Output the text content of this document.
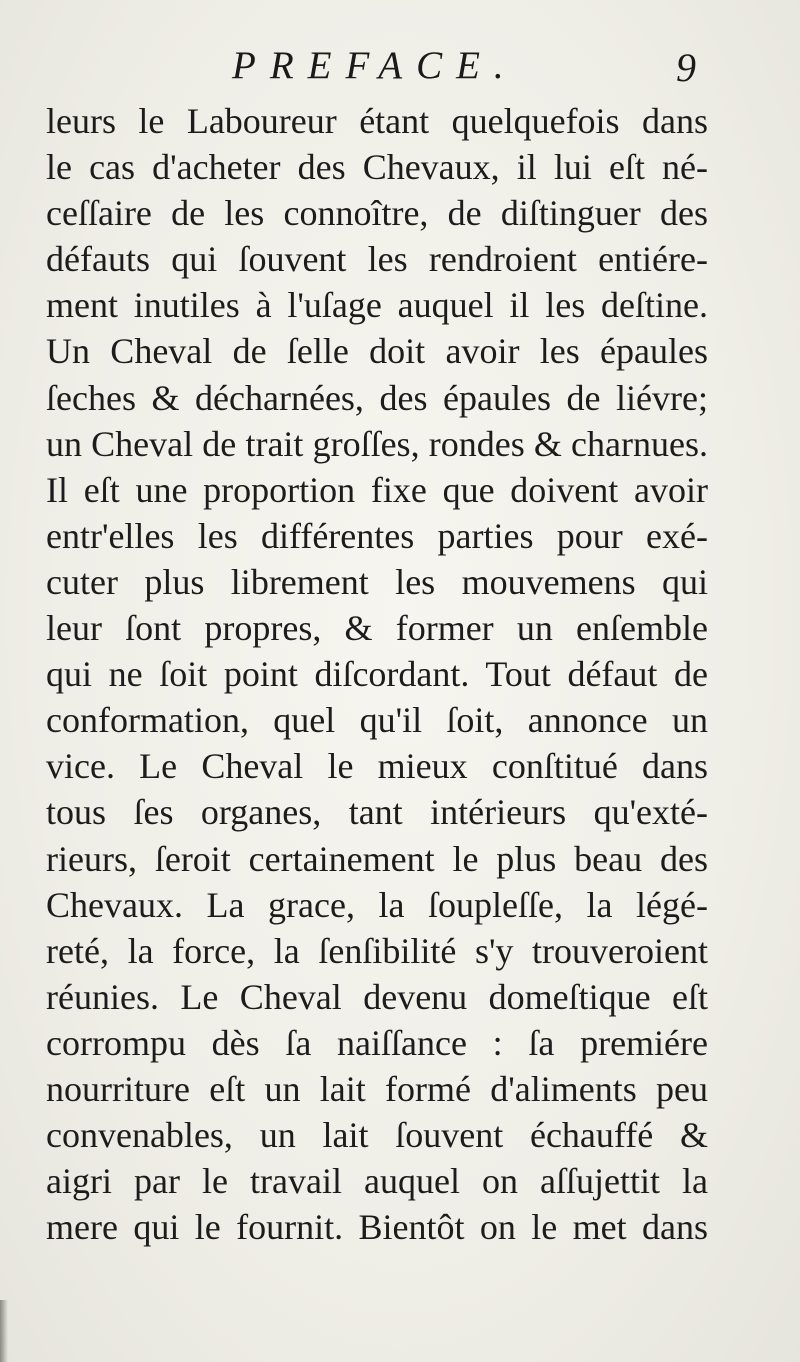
PREFACE.	9
leurs le Laboureur étant quelquefois dans
le cas d'acheter des Chevaux, il lui eſt né-
ceſſaire de les connoître, de diſtinguer des
défauts qui ſouvent les rendroient entiére-
ment inutiles à l'uſage auquel il les deſtine.
Un Cheval de ſelle doit avoir les épaules
ſeches & décharnées, des épaules de liévre;
un Cheval de trait groſſes, rondes & charnues.
Il eſt une proportion fixe que doivent avoir
entr'elles les différentes parties pour exé-
cuter plus librement les mouvemens qui
leur ſont propres, & former un enſemble
qui ne ſoit point diſcordant. Tout défaut de
conformation, quel qu'il ſoit, annonce un
vice. Le Cheval le mieux conſtitué dans
tous ſes organes, tant intérieurs qu'exté-
rieurs, ſeroit certainement le plus beau des
Chevaux. La grace, la ſoupleſſe, la légé-
reté, la force, la ſenſibilité s'y trouveroient
réunies. Le Cheval devenu domeſtique eſt
corrompu dès ſa naiſſance : ſa premiére
nourriture eſt un lait formé d'aliments peu
convenables, un lait ſouvent échauffé &
aigri par le travail auquel on aſſujettit la
mere qui le fournit. Bientôt on le met dans
